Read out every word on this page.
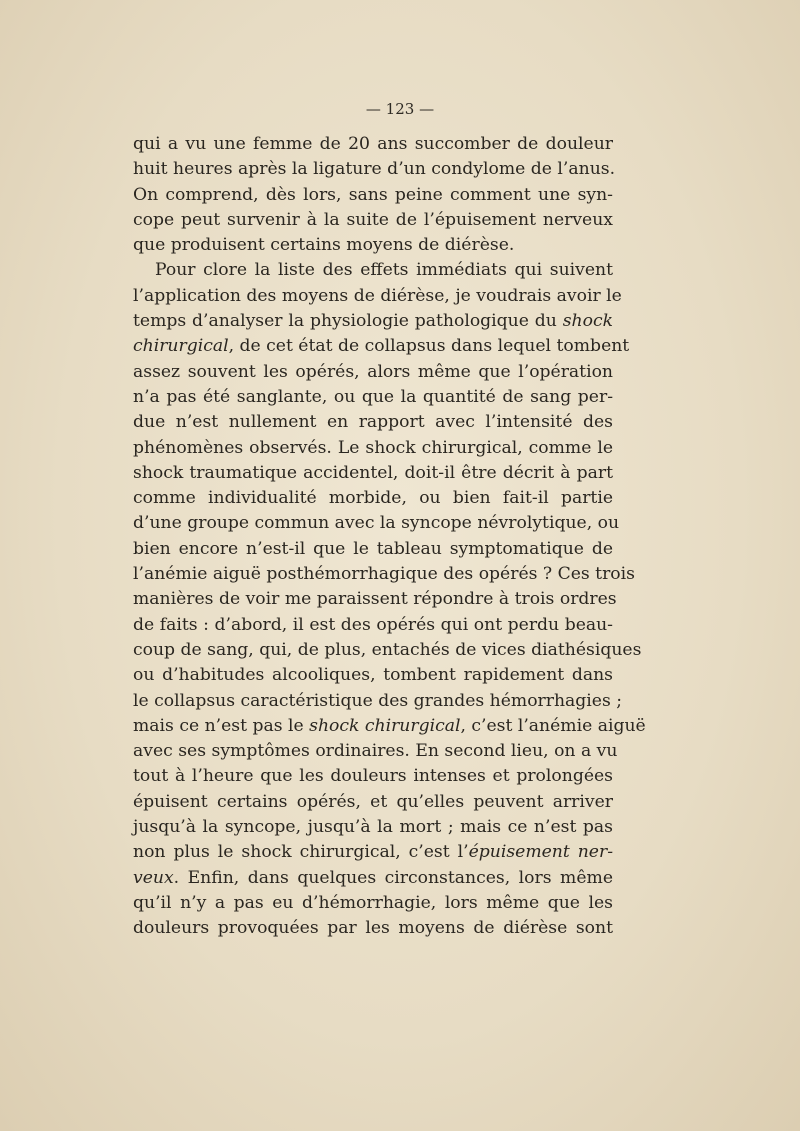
— 123 —
qui a vu une femme de 20 ans succomber de douleur
huit heures après la ligature d’un condylome de l’anus.
On comprend, dès lors, sans peine comment une syn-
cope peut survenir à la suite de l’épuisement nerveux
que produisent certains moyens de diérèse.
Pour clore la liste des effets immédiats qui suivent
l’application des moyens de diérèse, je voudrais avoir le
temps d’analyser la physiologie pathologique du shock
chirurgical, de cet état de collapsus dans lequel tombent
assez souvent les opérés, alors même que l’opération
n’a pas été sanglante, ou que la quantité de sang per-
due n’est nullement en rapport avec l’intensité des
phénomènes observés. Le shock chirurgical, comme le
shock traumatique accidentel, doit-il être décrit à part
comme individualité morbide, ou bien fait-il partie
d’une groupe commun avec la syncope névrolytique, ou
bien encore n’est-il que le tableau symptomatique de
l’anémie aiguë posthémorrhagique des opérés ? Ces trois
manières de voir me paraissent répondre à trois ordres
de faits : d’abord, il est des opérés qui ont perdu beau-
coup de sang, qui, de plus, entachés de vices diathésiques
ou d’habitudes alcooliques, tombent rapidement dans
le collapsus caractéristique des grandes hémorrhagies ;
mais ce n’est pas le shock chirurgical, c’est l’anémie aiguë
avec ses symptômes ordinaires. En second lieu, on a vu
tout à l’heure que les douleurs intenses et prolongées
épuisent certains opérés, et qu’elles peuvent arriver
jusqu’à la syncope, jusqu’à la mort ; mais ce n’est pas
non plus le shock chirurgical, c’est l’épuisement ner-
veux. Enfin, dans quelques circonstances, lors même
qu’il n’y a pas eu d’hémorrhagie, lors même que les
douleurs provoquées par les moyens de diérèse sont
